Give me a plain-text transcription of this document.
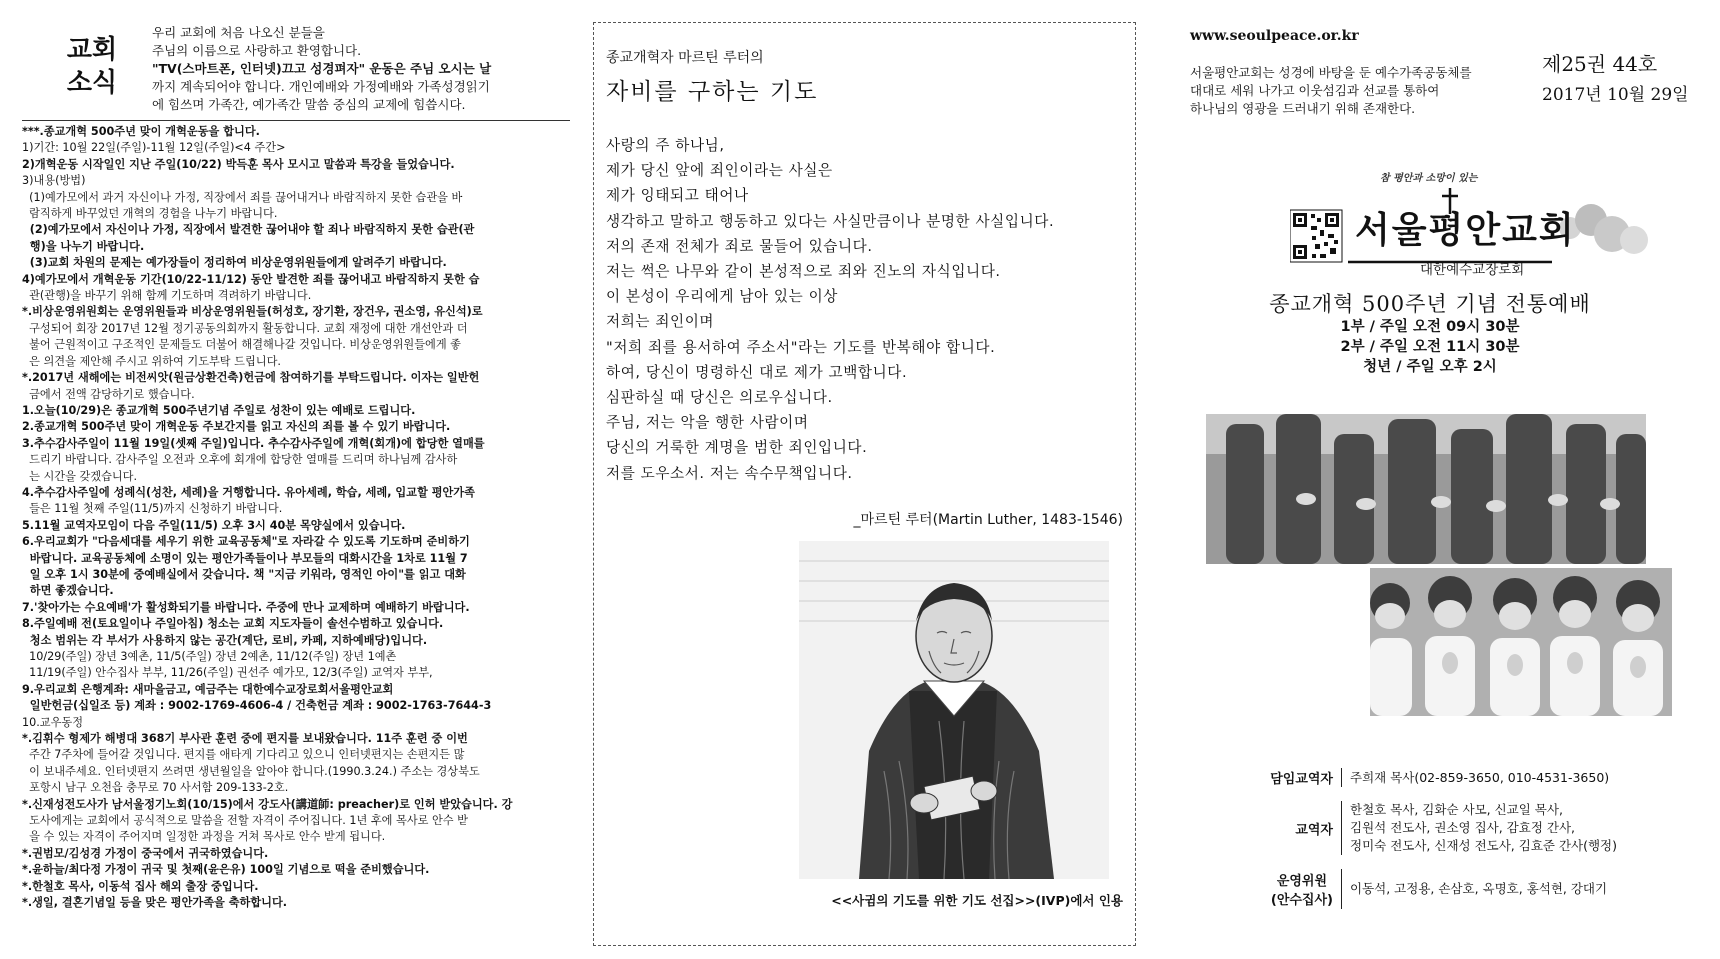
교회
소식

우리 교회에 처음 나오신 분들을

주님의 이름으로 사랑하고 환영합니다.

"TV(스마트폰, 인터넷)끄고 성경펴자" 운동은 주님 오시는 날

까지 계속되어야 합니다. 개인예배와 가정예배와 가족성경읽기

에 힘쓰며 가족간, 예가족간 말씀 중심의 교제에 힘씁시다.

***.종교개혁 500주년 맞이 개혁운동을 합니다.

1)기간: 10월 22일(주일)-11월 12일(주일)<4 주간>

2)개혁운동 시작일인 지난 주일(10/22) 박득훈 목사 모시고 말씀과 특강을 들었습니다.

3)내용(방법)

(1)예가모에서 과거 자신이나 가정, 직장에서 죄를 끊어내거나 바람직하지 못한 습관을 바

람직하게 바꾸었던 개혁의 경험을 나누기 바랍니다.

(2)예가모에서 자신이나 가정, 직장에서 발견한 끊어내야 할 죄나 바람직하지 못한 습관(관

행)을 나누기 바랍니다.

(3)교회 차원의 문제는 예가장들이 정리하여 비상운영위원들에게 알려주기 바랍니다.

4)예가모에서 개혁운동 기간(10/22-11/12) 동안 발견한 죄를 끊어내고 바람직하지 못한 습

관(관행)을 바꾸기 위해 함께 기도하며 격려하기 바랍니다.

*.비상운영위원회는 운영위원들과 비상운영위원들(허성호, 장기환, 장건우, 권소영, 유신석)로

구성되어 회장 2017년 12월 정기공동의회까지 활동합니다. 교회 재정에 대한 개선안과 더

불어 근원적이고 구조적인 문제들도 더불어 해결해나갈 것입니다. 비상운영위원들에게 좋

은 의견을 제안해 주시고 위하여 기도부탁 드립니다.

*.2017년 새해에는 비전씨앗(원금상환건축)헌금에 참여하기를 부탁드립니다. 이자는 일반헌

금에서 전액 감당하기로 했습니다.

1.오늘(10/29)은 종교개혁 500주년기념 주일로 성찬이 있는 예배로 드립니다.

2.종교개혁 500주년 맞이 개혁운동 주보간지를 읽고 자신의 죄를 볼 수 있기 바랍니다.

3.추수감사주일이 11월 19일(셋째 주일)입니다. 추수감사주일에 개혁(회개)에 합당한 열매를

드리기 바랍니다. 감사주일 오전과 오후에 회개에 합당한 열매를 드리며 하나님께 감사하

는 시간을 갖겠습니다.

4.추수감사주일에 성례식(성찬, 세례)을 거행합니다. 유아세례, 학습, 세례, 입교할 평안가족

들은 11월 첫째 주일(11/5)까지 신청하기 바랍니다.

5.11월 교역자모임이 다음 주일(11/5) 오후 3시 40분 목양실에서 있습니다.

6.우리교회가 "다음세대를 세우기 위한 교육공동체"로 자라갈 수 있도록 기도하며 준비하기

바랍니다. 교육공동체에 소명이 있는 평안가족들이나 부모들의 대화시간을 1차로 11월 7

일 오후 1시 30분에 중예배실에서 갖습니다. 책 "지금 키워라, 영적인 아이"를 읽고 대화

하면 좋겠습니다.

7.'찾아가는 수요예배'가 활성화되기를 바랍니다. 주중에 만나 교제하며 예배하기 바랍니다.

8.주일예배 전(토요일이나 주일아침) 청소는 교회 지도자들이 솔선수범하고 있습니다.

청소 범위는 각 부서가 사용하지 않는 공간(계단, 로비, 카페, 지하예배당)입니다.

10/29(주일) 장년 3예촌, 11/5(주일) 장년 2예촌, 11/12(주일) 장년 1예촌

11/19(주일) 안수집사 부부, 11/26(주일) 권선주 예가모, 12/3(주일) 교역자 부부,

9.우리교회 은행계좌: 새마을금고, 예금주는 대한예수교장로회서울평안교회

일반헌금(십일조 등) 계좌 : 9002-1769-4606-4 / 건축헌금 계좌 : 9002-1763-7644-3

10.교우동정

*.김휘수 형제가 해병대 368기 부사관 훈련 중에 편지를 보내왔습니다. 11주 훈련 중 이번

주간 7주차에 들어갈 것입니다. 편지를 애타게 기다리고 있으니 인터넷편지는 손편지든 많

이 보내주세요. 인터넷편지 쓰려면 생년월일을 알아야 합니다.(1990.3.24.) 주소는 경상북도

포항시 남구 오천읍 충무로 70 사서함 209-133-2호.

*.신재성전도사가 남서울정기노회(10/15)에서 강도사(講道師: preacher)로 인허 받았습니다. 강

도사에게는 교회에서 공식적으로 말씀을 전할 자격이 주어집니다. 1년 후에 목사로 안수 받

을 수 있는 자격이 주어지며 일정한 과정을 거쳐 목사로 안수 받게 됩니다.

*.권범모/김성경 가정이 중국에서 귀국하였습니다.

*.윤하늘/최다정 가정이 귀국 및 첫째(윤은유) 100일 기념으로 떡을 준비했습니다.

*.한철호 목사, 이동석 집사 해외 출장 중입니다.

*.생일, 결혼기념일 등을 맞은 평안가족을 축하합니다.

종교개혁자 마르틴 루터의
자비를 구하는 기도

사랑의 주 하나님,

제가 당신 앞에 죄인이라는 사실은

제가 잉태되고 태어나

생각하고 말하고 행동하고 있다는 사실만큼이나 분명한 사실입니다.

저의 존재 전체가 죄로 물들어 있습니다.

저는 썩은 나무와 같이 본성적으로 죄와 진노의 자식입니다.

이 본성이 우리에게 남아 있는 이상

저희는 죄인이며

"저희 죄를 용서하여 주소서"라는 기도를 반복해야 합니다.

하여, 당신이 명령하신 대로 제가 고백합니다.

심판하실 때 당신은 의로우십니다.

주님, 저는 악을 행한 사람이며

당신의 거룩한 계명을 범한 죄인입니다.

저를 도우소서. 저는 속수무책입니다.

_마르틴 루터(Martin Luther, 1483-1546)
<<사귐의 기도를 위한 기도 선집>>(IVP)에서 인용
www.seoulpeace.or.kr

서울평안교회는 성경에 바탕을 둔 예수가족공동체를

대대로 세워 나가고 이웃섬김과 선교를 통하여

하나님의 영광을 드러내기 위해 존재한다.

제25권 44호
2017년 10월 29일
참 평안과 소망이 있는
서울평안교회
대한예수교장로회
종교개혁 500주년 기념 전통예배

1부 / 주일 오전 09시 30분

2부 / 주일 오전 11시 30분

청년 / 주일 오후 2시

담임교역자	주희재 목사(02-859-3650, 010-4531-3650)

교역자

한철호 목사, 김화순 사모, 신교일 목사,

김원석 전도사, 권소영 집사, 감효정 간사,

정미숙 전도사, 신재성 전도사, 김효준 간사(행정)

운영위원
(안수집사)

이동석, 고정용, 손삼호, 옥명호, 홍석현, 강대기
